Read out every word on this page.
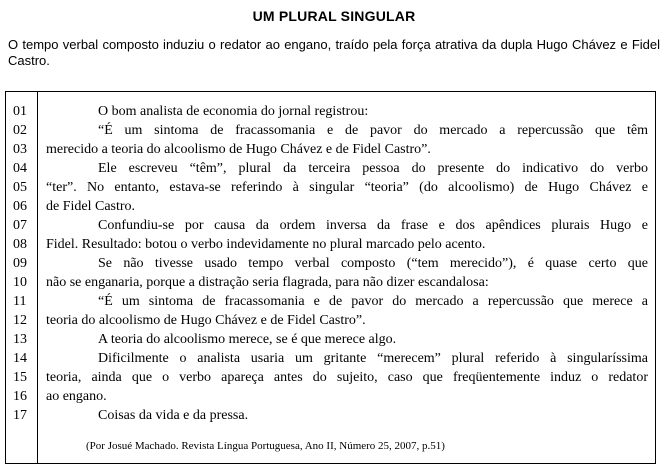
UM PLURAL SINGULAR

O tempo verbal composto induziu o redator ao engano, traído pela força atrativa da dupla Hugo Chávez e Fidel Castro.

01
02
03
04
05
06
07
08
09
10
11
12
13
14
15
16
17
O bom analista de economia do jornal registrou:
“É um sintoma de fracassomania e de pavor do mercado a repercussão que têm
merecido a teoria do alcoolismo de Hugo Chávez e de Fidel Castro”.
Ele escreveu “têm”, plural da terceira pessoa do presente do indicativo do verbo
“ter”. No entanto, estava-se referindo à singular “teoria” (do alcoolismo) de Hugo Chávez e
de Fidel Castro.
Confundiu-se por causa da ordem inversa da frase e dos apêndices plurais Hugo e
Fidel. Resultado: botou o verbo indevidamente no plural marcado pelo acento.
Se não tivesse usado tempo verbal composto (“tem merecido”), é quase certo que
não se enganaria, porque a distração seria flagrada, para não dizer escandalosa:
“É um sintoma de fracassomania e de pavor do mercado a repercussão que merece a
teoria do alcoolismo de Hugo Chávez e de Fidel Castro”.
A teoria do alcoolismo merece, se é que merece algo.
Dificilmente o analista usaria um gritante “merecem” plural referido à singularíssima
teoria, ainda que o verbo apareça antes do sujeito, caso que freqüentemente induz o redator
ao engano.
Coisas da vida e da pressa.

(Por Josué Machado. Revista Língua Portuguesa, Ano II, Número 25, 2007, p.51)
